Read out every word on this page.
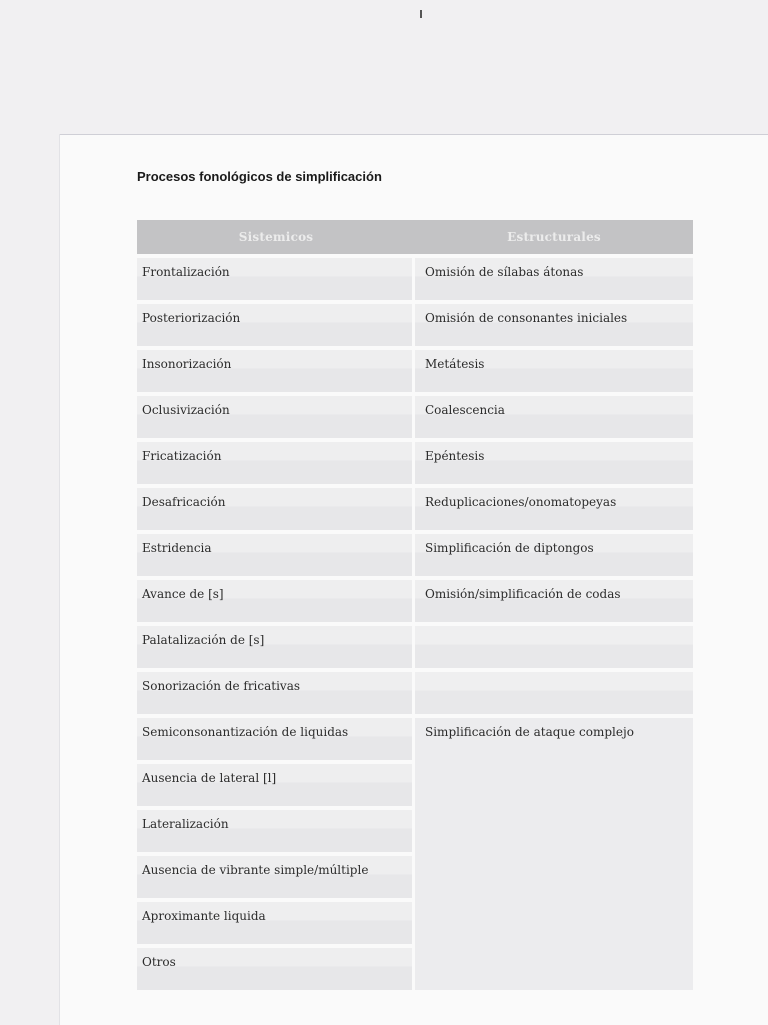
Procesos fonológicos de simplificación
Sistemicos	Estructurales
Frontalización
Posteriorización
Insonorización
Oclusivización
Fricatización
Desafricación
Estridencia
Avance de [s]
Palatalización de [s]
Sonorización de fricativas
Semiconsonantización de liquidas
Ausencia de lateral [l]
Lateralización
Ausencia de vibrante simple/múltiple
Aproximante liquida
Otros
Omisión de sílabas átonas
Omisión de consonantes iniciales
Metátesis
Coalescencia
Epéntesis
Reduplicaciones/onomatopeyas
Simplificación de diptongos
Omisión/simplificación de codas
Simplificación de ataque complejo
